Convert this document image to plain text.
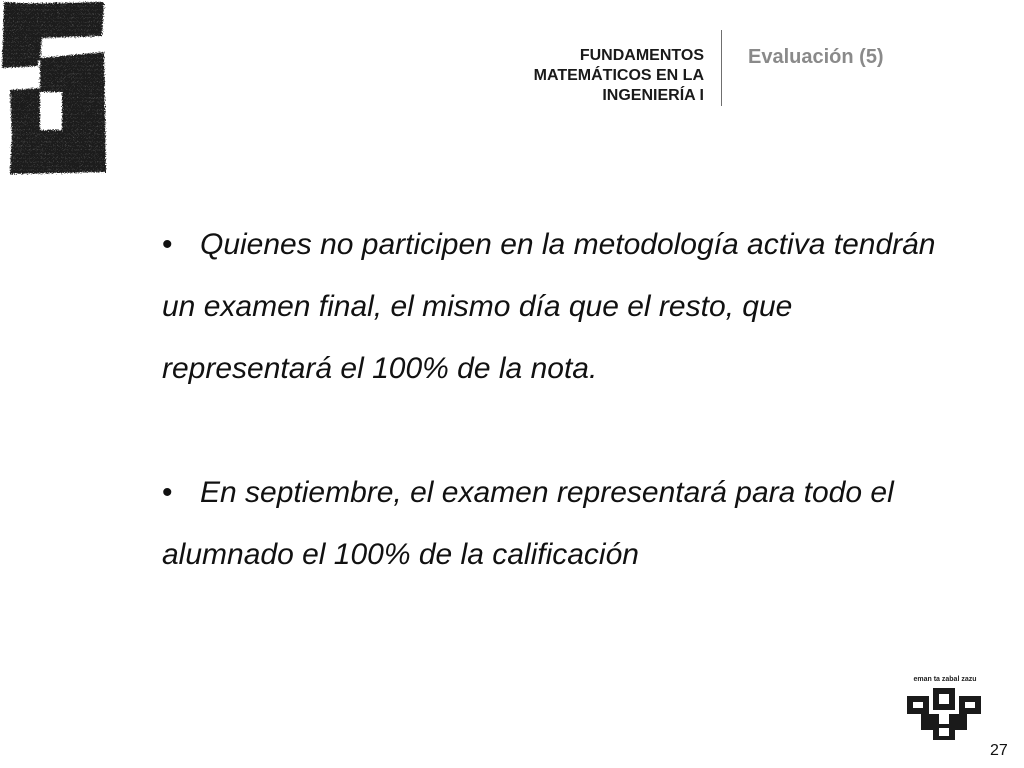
FUNDAMENTOS
MATEMÁTICOS EN LA
INGENIERÍA I
Evaluación (5)

• Quienes no participen en la metodología activa tendrán un examen final, el mismo día que el resto, que representará el 100% de la nota.

• En septiembre, el examen representará para todo el alumnado el 100% de la calificación

eman ta zabal zazu
27
